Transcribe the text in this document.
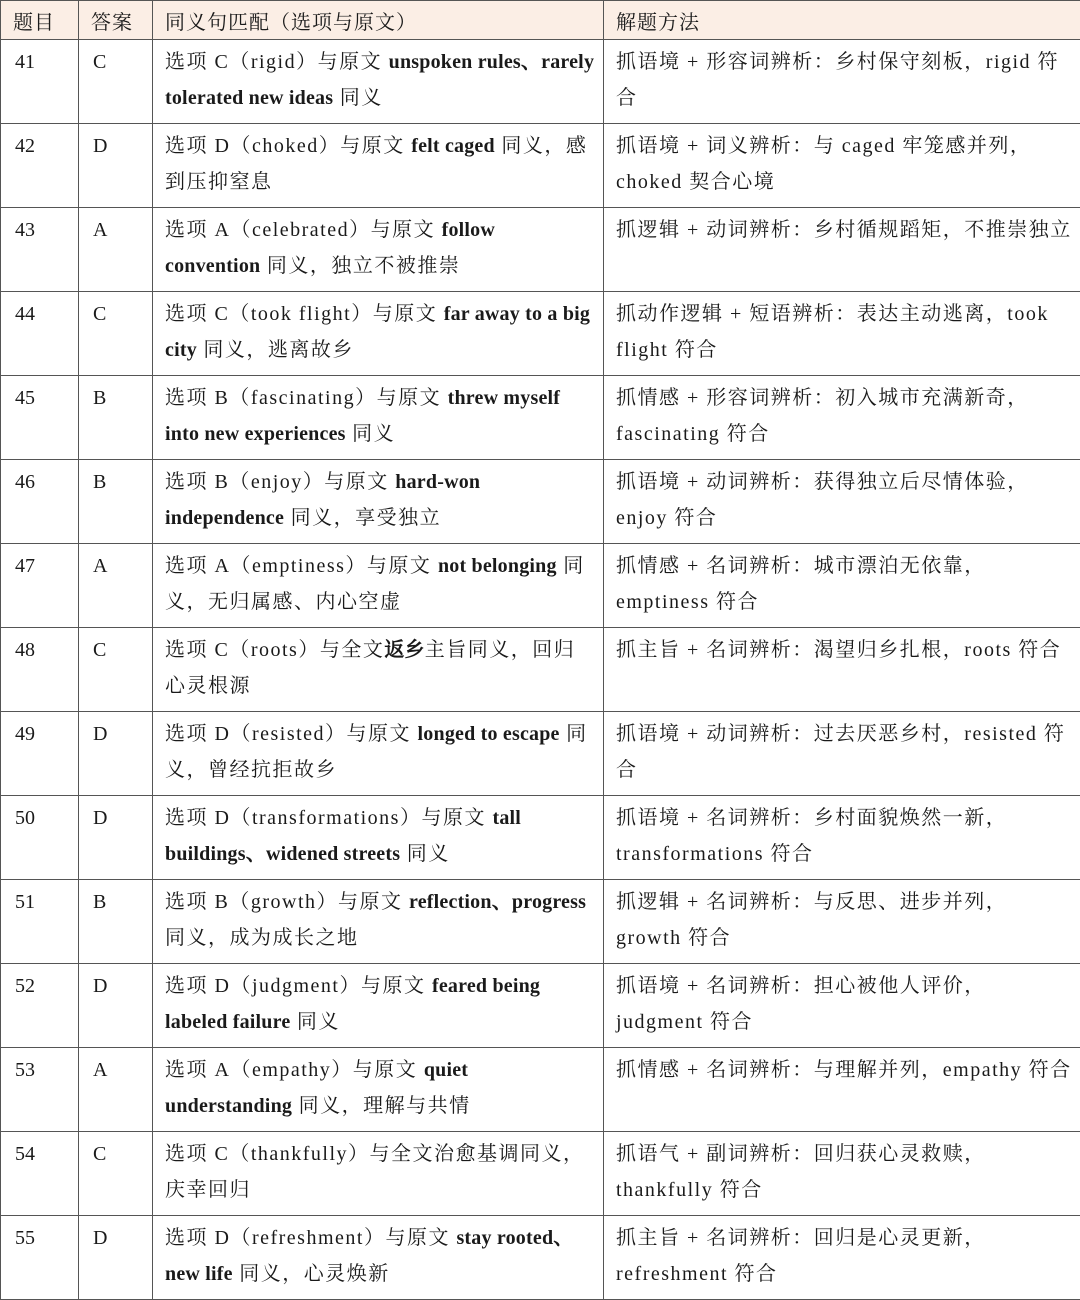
题目	答案	同义句匹配（选项与原文）	解题方法
41	C	选项 C（rigid）与原文 unspoken rules、rarely tolerated new ideas 同义	抓语境 + 形容词辨析：乡村保守刻板，rigid 符合
42	D	选项 D（choked）与原文 felt caged 同义，感到压抑窒息	抓语境 + 词义辨析：与 caged 牢笼感并列，choked 契合心境
43	A	选项 A（celebrated）与原文 follow convention 同义，独立不被推崇	抓逻辑 + 动词辨析：乡村循规蹈矩，不推崇独立
44	C	选项 C（took flight）与原文 far away to a big city 同义，逃离故乡	抓动作逻辑 + 短语辨析：表达主动逃离，took flight 符合
45	B	选项 B（fascinating）与原文 threw myself into new experiences 同义	抓情感 + 形容词辨析：初入城市充满新奇，fascinating 符合
46	B	选项 B（enjoy）与原文 hard-won independence 同义，享受独立	抓语境 + 动词辨析：获得独立后尽情体验，enjoy 符合
47	A	选项 A（emptiness）与原文 not belonging 同义，无归属感、内心空虚	抓情感 + 名词辨析：城市漂泊无依靠，emptiness 符合
48	C	选项 C（roots）与全文返乡主旨同义，回归心灵根源	抓主旨 + 名词辨析：渴望归乡扎根，roots 符合
49	D	选项 D（resisted）与原文 longed to escape 同义，曾经抗拒故乡	抓语境 + 动词辨析：过去厌恶乡村，resisted 符合
50	D	选项 D（transformations）与原文 tall buildings、widened streets 同义	抓语境 + 名词辨析：乡村面貌焕然一新，transformations 符合
51	B	选项 B（growth）与原文 reflection、progress 同义，成为成长之地	抓逻辑 + 名词辨析：与反思、进步并列，growth 符合
52	D	选项 D（judgment）与原文 feared being labeled failure 同义	抓语境 + 名词辨析：担心被他人评价，judgment 符合
53	A	选项 A（empathy）与原文 quiet understanding 同义，理解与共情	抓情感 + 名词辨析：与理解并列，empathy 符合
54	C	选项 C（thankfully）与全文治愈基调同义，庆幸回归	抓语气 + 副词辨析：回归获心灵救赎，thankfully 符合
55	D	选项 D（refreshment）与原文 stay rooted、new life 同义，心灵焕新	抓主旨 + 名词辨析：回归是心灵更新，refreshment 符合
